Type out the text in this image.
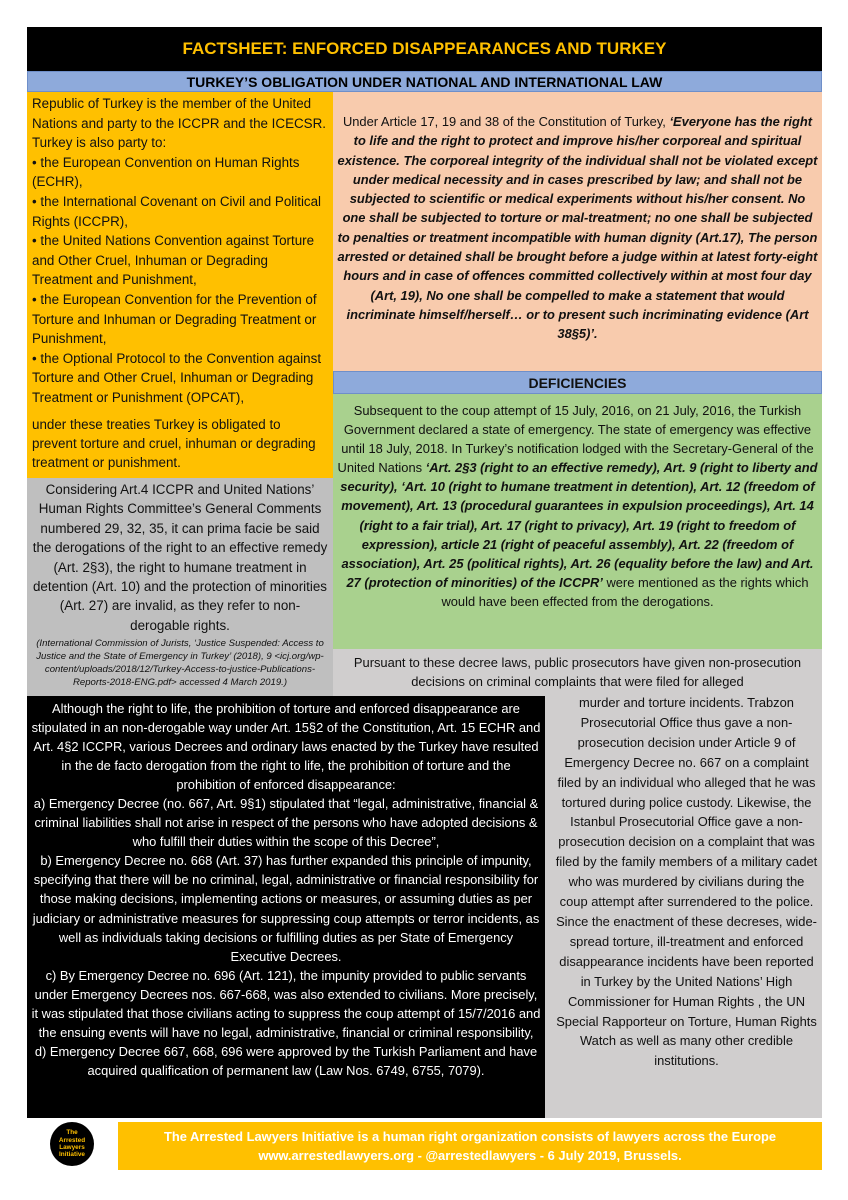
FACTSHEET: ENFORCED DISAPPEARANCES AND TURKEY
TURKEY’S OBLIGATION UNDER NATIONAL AND INTERNATIONAL LAW

Republic of Turkey is the member of the United Nations and party to the ICCPR and the ICECSR. Turkey is also party to:

• the European Convention on Human Rights (ECHR),

• the International Covenant on Civil and Political Rights (ICCPR),

• the United Nations Convention against Torture and Other Cruel, Inhuman or Degrading Treatment and Punishment,

• the European Convention for the Prevention of Torture and Inhuman or Degrading Treatment or Punishment,

• the Optional Protocol to the Convention against Torture and Other Cruel, Inhuman or Degrading Treatment or Punishment (OPCAT),

under these treaties Turkey is obligated to prevent torture and cruel, inhuman or degrading treatment or punishment.

Under Article 17, 19 and 38 of the Constitution of Turkey, ‘Everyone has the right to life and the right to protect and improve his/her corporeal and spiritual existence. The corporeal integrity of the individual shall not be violated except under medical necessity and in cases prescribed by law; and shall not be subjected to scientific or medical experiments without his/her consent. No one shall be subjected to torture or mal-treatment; no one shall be subjected to penalties or treatment incompatible with human dignity (Art.17), The person arrested or detained shall be brought before a judge within at latest forty-eight hours and in case of offences committed collectively within at most four day (Art, 19), No one shall be compelled to make a statement that would incriminate himself/herself… or to present such incriminating evidence (Art 38§5)’.
DEFICIENCIES
Subsequent to the coup attempt of 15 July, 2016, on 21 July, 2016, the Turkish Government declared a state of emergency. The state of emergency was effective until 18 July, 2018. In Turkey’s notification lodged with the Secretary-General of the United Nations ‘Art. 2§3 (right to an effective remedy), Art. 9 (right to liberty and security), ‘Art. 10 (right to humane treatment in detention), Art. 12 (freedom of movement), Art. 13 (procedural guarantees in expulsion proceedings), Art. 14 (right to a fair trial), Art. 17 (right to privacy), Art. 19 (right to freedom of expression), article 21 (right of peaceful assembly), Art. 22 (freedom of association), Art. 25 (political rights), Art. 26 (equality before the law) and Art. 27 (protection of minorities) of the ICCPR’ were mentioned as the rights which would have been effected from the derogations.
Considering Art.4 ICCPR and United Nations’ Human Rights Committee’s General Comments numbered 29, 32, 35, it can prima facie be said the derogations of the right to an effective remedy (Art. 2§3), the right to humane treatment in detention (Art. 10) and the protection of minorities (Art. 27) are invalid, as they refer to non-derogable rights.
(International Commission of Jurists, ‘Justice Suspended: Access to Justice and the State of Emergency in Turkey’ (2018), 9 <icj.org/wp-content/uploads/2018/12/Turkey-Access-to-justice-Publications-Reports-2018-ENG.pdf> accessed 4 March 2019.)
Pursuant to these decree laws, public prosecutors have given non-prosecution decisions on criminal complaints that were filed for alleged
murder and torture incidents. Trabzon Prosecutorial Office thus gave a non-prosecution decision under Article 9 of Emergency Decree no. 667 on a complaint filed by an individual who alleged that he was tortured during police custody. Likewise, the Istanbul Prosecutorial Office gave a non-prosecution decision on a complaint that was filed by the family members of a military cadet who was murdered by civilians during the coup attempt after surrendered to the police. Since the enactment of these decreses, wide-spread torture, ill-treatment and enforced disappearance incidents have been reported in Turkey by the United Nations’ High Commissioner for Human Rights , the UN Special Rapporteur on Torture, Human Rights Watch as well as many other credible institutions.

Although the right to life, the prohibition of torture and enforced disappearance are stipulated in an non-derogable way under Art. 15§2 of the Constitution, Art. 15 ECHR and Art. 4§2 ICCPR, various Decrees and ordinary laws enacted by the Turkey have resulted in the de facto derogation from the right to life, the prohibition of torture and the prohibition of enforced disappearance:

a) Emergency Decree (no. 667, Art. 9§1) stipulated that “legal, administrative, financial & criminal liabilities shall not arise in respect of the persons who have adopted decisions & who fulfill their duties within the scope of this Decree”,

b) Emergency Decree no. 668 (Art. 37) has further expanded this principle of impunity, specifying that there will be no criminal, legal, administrative or financial responsibility for those making decisions, implementing actions or measures, or assuming duties as per judiciary or administrative measures for suppressing coup attempts or terror incidents, as well as individuals taking decisions or fulfilling duties as per State of Emergency Executive Decrees.

c) By Emergency Decree no. 696 (Art. 121), the impunity provided to public servants under Emergency Decrees nos. 667-668, was also extended to civilians. More precisely, it was stipulated that those civilians acting to suppress the coup attempt of 15/7/2016 and the ensuing events will have no legal, administrative, financial or criminal responsibility,

d) Emergency Decree 667, 668, 696 were approved by the Turkish Parliament and have acquired qualification of permanent law (Law Nos. 6749, 6755, 7079).

The
Arrested
Lawyers
Initiative
The Arrested Lawyers Initiative is a human right organization consists of lawyers across the Europe
www.arrestedlawyers.org - @arrestedlawyers - 6 July 2019, Brussels.
